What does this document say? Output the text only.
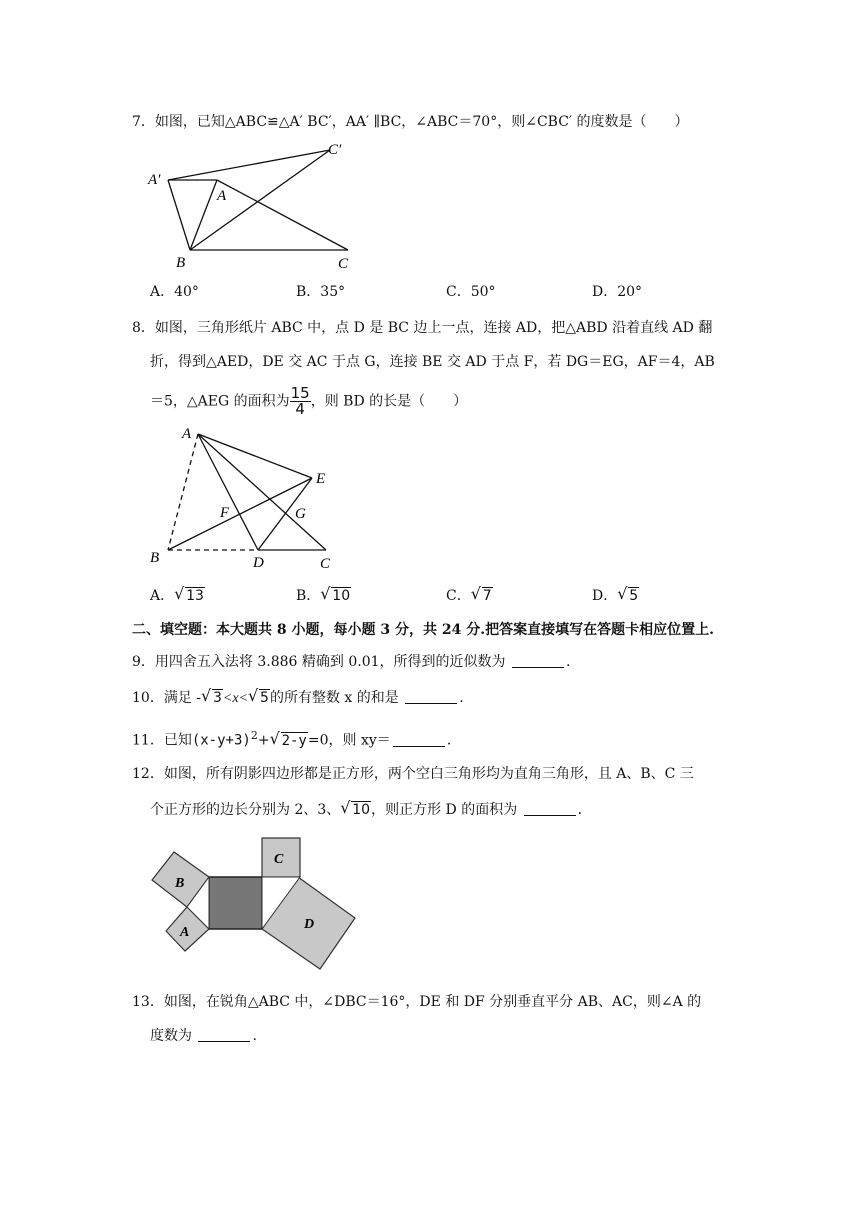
7．如图，已知△ABC≌△A′ BC′，AA′ ∥BC，∠ABC＝70°，则∠CBC′ 的度数是（　　）
A′
A
B	C
C′
A．40°	B．35°	C．50°	D．20°
8．如图，三角形纸片 ABC 中，点 D 是 BC 边上一点，连接 AD，把△ABD 沿着直线 AD 翻
折，得到△AED，DE 交 AC 于点 G，连接 BE 交 AD 于点 F，若 DG＝EG，AF＝4，AB
＝5，△AEG 的面积为 $\frac{15}{4}$ ，则 BD 的长是（　　）
A
B	D	C
E
F	G
A． √ 13	B． √ 10	C． √ 7	D． √ 5
二、填空题：本大题共 8 小题，每小题 3 分，共 24 分.把答案直接填写在答题卡相应位置上.
9．用四舍五入法将 3.886 精确到 0.01，所得到的近似数为	.
10．满足 - √ 3<x< √ 5的所有整数 x 的和是	.
11．已知$(x-y+3)^2+$ √ 2-y=0，则 xy＝	.
12．如图，所有阴影四边形都是正方形，两个空白三角形均为直角三角形，且 A、B、C 三
个正方形的边长分别为 2、3、 √ 10，则正方形 D 的面积为	.
B
A
C
D
13．如图，在锐角△ABC 中，∠DBC＝16°，DE 和 DF 分别垂直平分 AB、AC，则∠A 的
度数为	.
